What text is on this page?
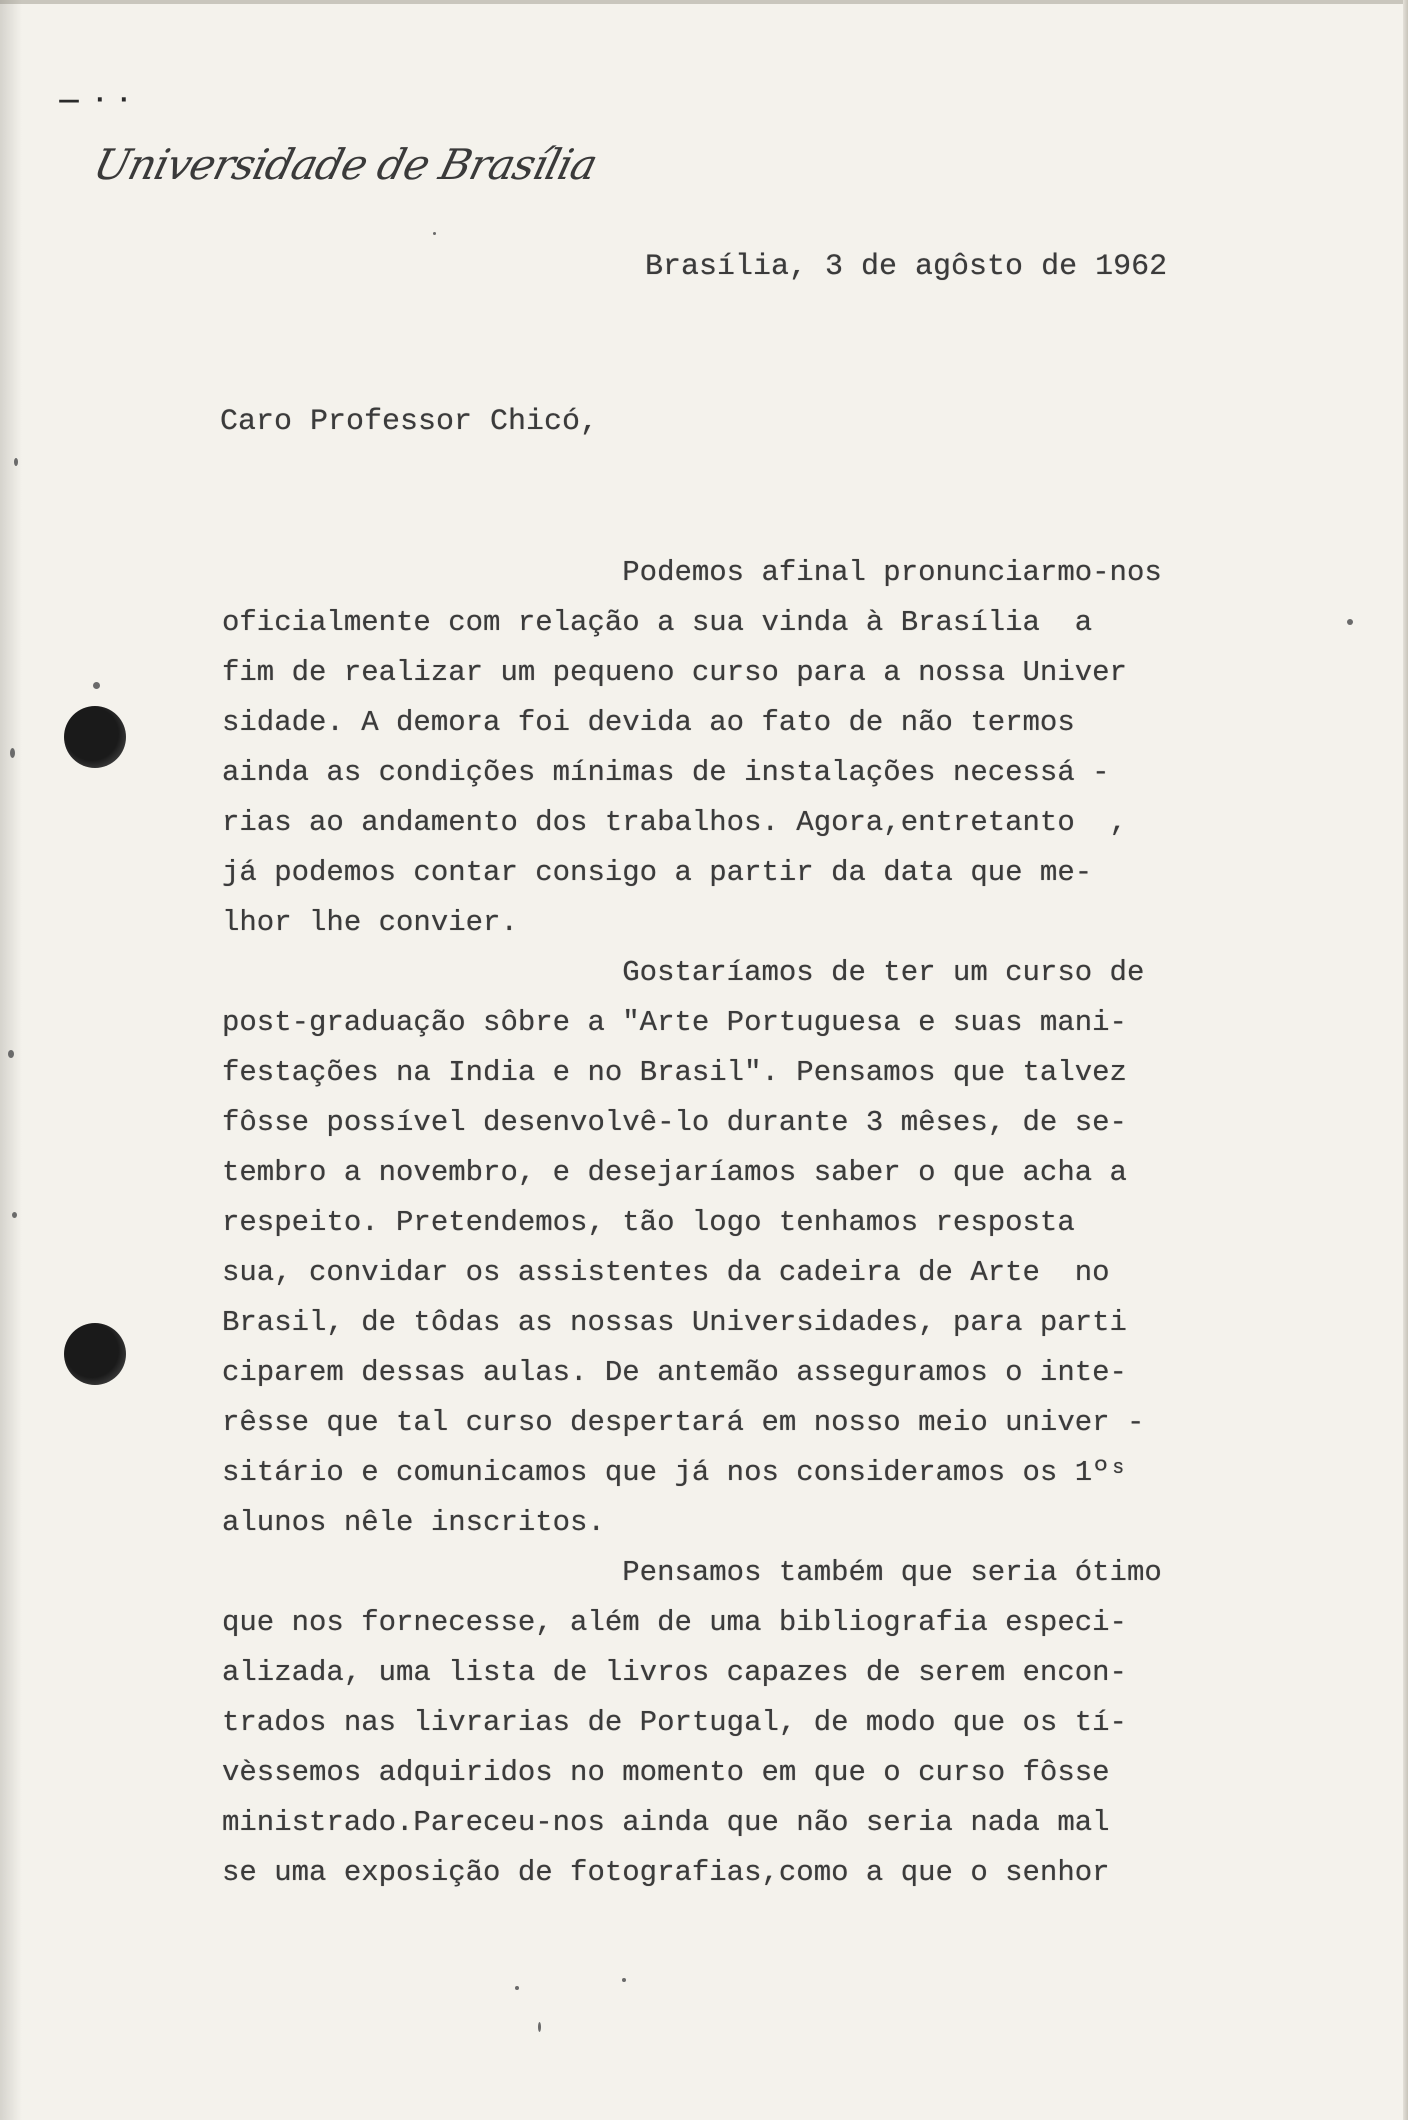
— · ·
Universidade de Brasília
Brasília, 3 de agôsto de 1962
Caro Professor Chicó,
Podemos afinal pronunciarmo-nos
oficialmente com relação a sua vinda à Brasília  a
fim de realizar um pequeno curso para a nossa Univer
sidade. A demora foi devida ao fato de não termos
ainda as condições mínimas de instalações necessá -
rias ao andamento dos trabalhos. Agora,entretanto  ,
já podemos contar consigo a partir da data que me-
lhor lhe convier.
Gostaríamos de ter um curso de
post-graduação sôbre a "Arte Portuguesa e suas mani-
festações na India e no Brasil". Pensamos que talvez
fôsse possível desenvolvê-lo durante 3 mêses, de se-
tembro a novembro, e desejaríamos saber o que acha a
respeito. Pretendemos, tão logo tenhamos resposta
sua, convidar os assistentes da cadeira de Arte  no
Brasil, de tôdas as nossas Universidades, para parti
ciparem dessas aulas. De antemão asseguramos o inte-
rêsse que tal curso despertará em nosso meio univer -
sitário e comunicamos que já nos consideramos os 1ºˢ
alunos nêle inscritos.
Pensamos também que seria ótimo
que nos fornecesse, além de uma bibliografia especi-
alizada, uma lista de livros capazes de serem encon-
trados nas livrarias de Portugal, de modo que os tí-
vèssemos adquiridos no momento em que o curso fôsse
ministrado.Pareceu-nos ainda que não seria nada mal
se uma exposição de fotografias,como a que o senhor
